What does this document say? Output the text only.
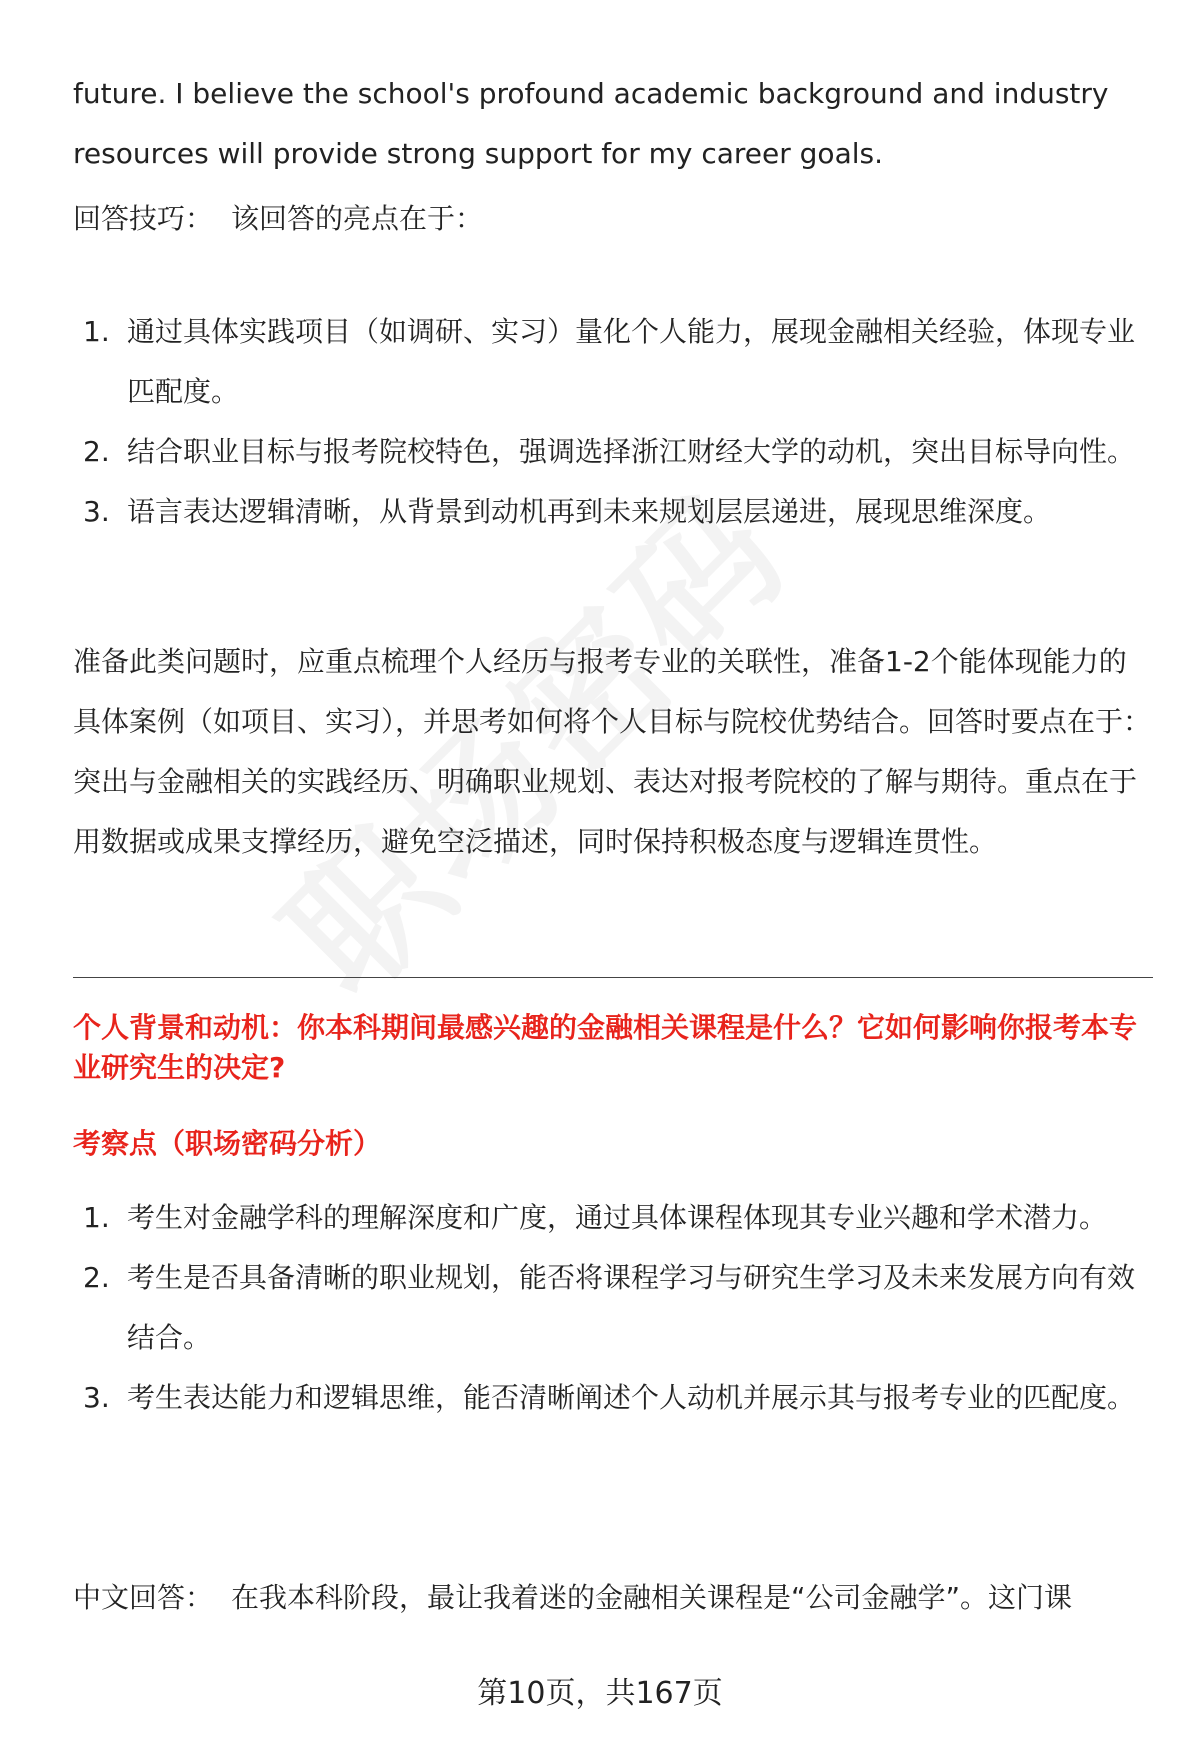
future. I believe the school's profound academic background and industry resources will provide strong support for my career goals.

回答技巧： 该回答的亮点在于：

1. 通过具体实践项目（如调研、实习）量化个人能力，展现金融相关经验，体现专业匹配度。
2. 结合职业目标与报考院校特色，强调选择浙江财经大学的动机，突出目标导向性。
3. 语言表达逻辑清晰，从背景到动机再到未来规划层层递进，展现思维深度。

准备此类问题时，应重点梳理个人经历与报考专业的关联性，准备1-2个能体现能力的具体案例（如项目、实习），并思考如何将个人目标与院校优势结合。回答时要点在于：突出与金融相关的实践经历、明确职业规划、表达对报考院校的了解与期待。重点在于用数据或成果支撑经历，避免空泛描述，同时保持积极态度与逻辑连贯性。

个人背景和动机：你本科期间最感兴趣的金融相关课程是什么？它如何影响你报考本专业研究生的决定?

考察点（职场密码分析）

1. 考生对金融学科的理解深度和广度，通过具体课程体现其专业兴趣和学术潜力。
2. 考生是否具备清晰的职业规划，能否将课程学习与研究生学习及未来发展方向有效结合。
3. 考生表达能力和逻辑思维，能否清晰阐述个人动机并展示其与报考专业的匹配度。

中文回答： 在我本科阶段，最让我着迷的金融相关课程是“公司金融学”。这门课

第10页，共167页
